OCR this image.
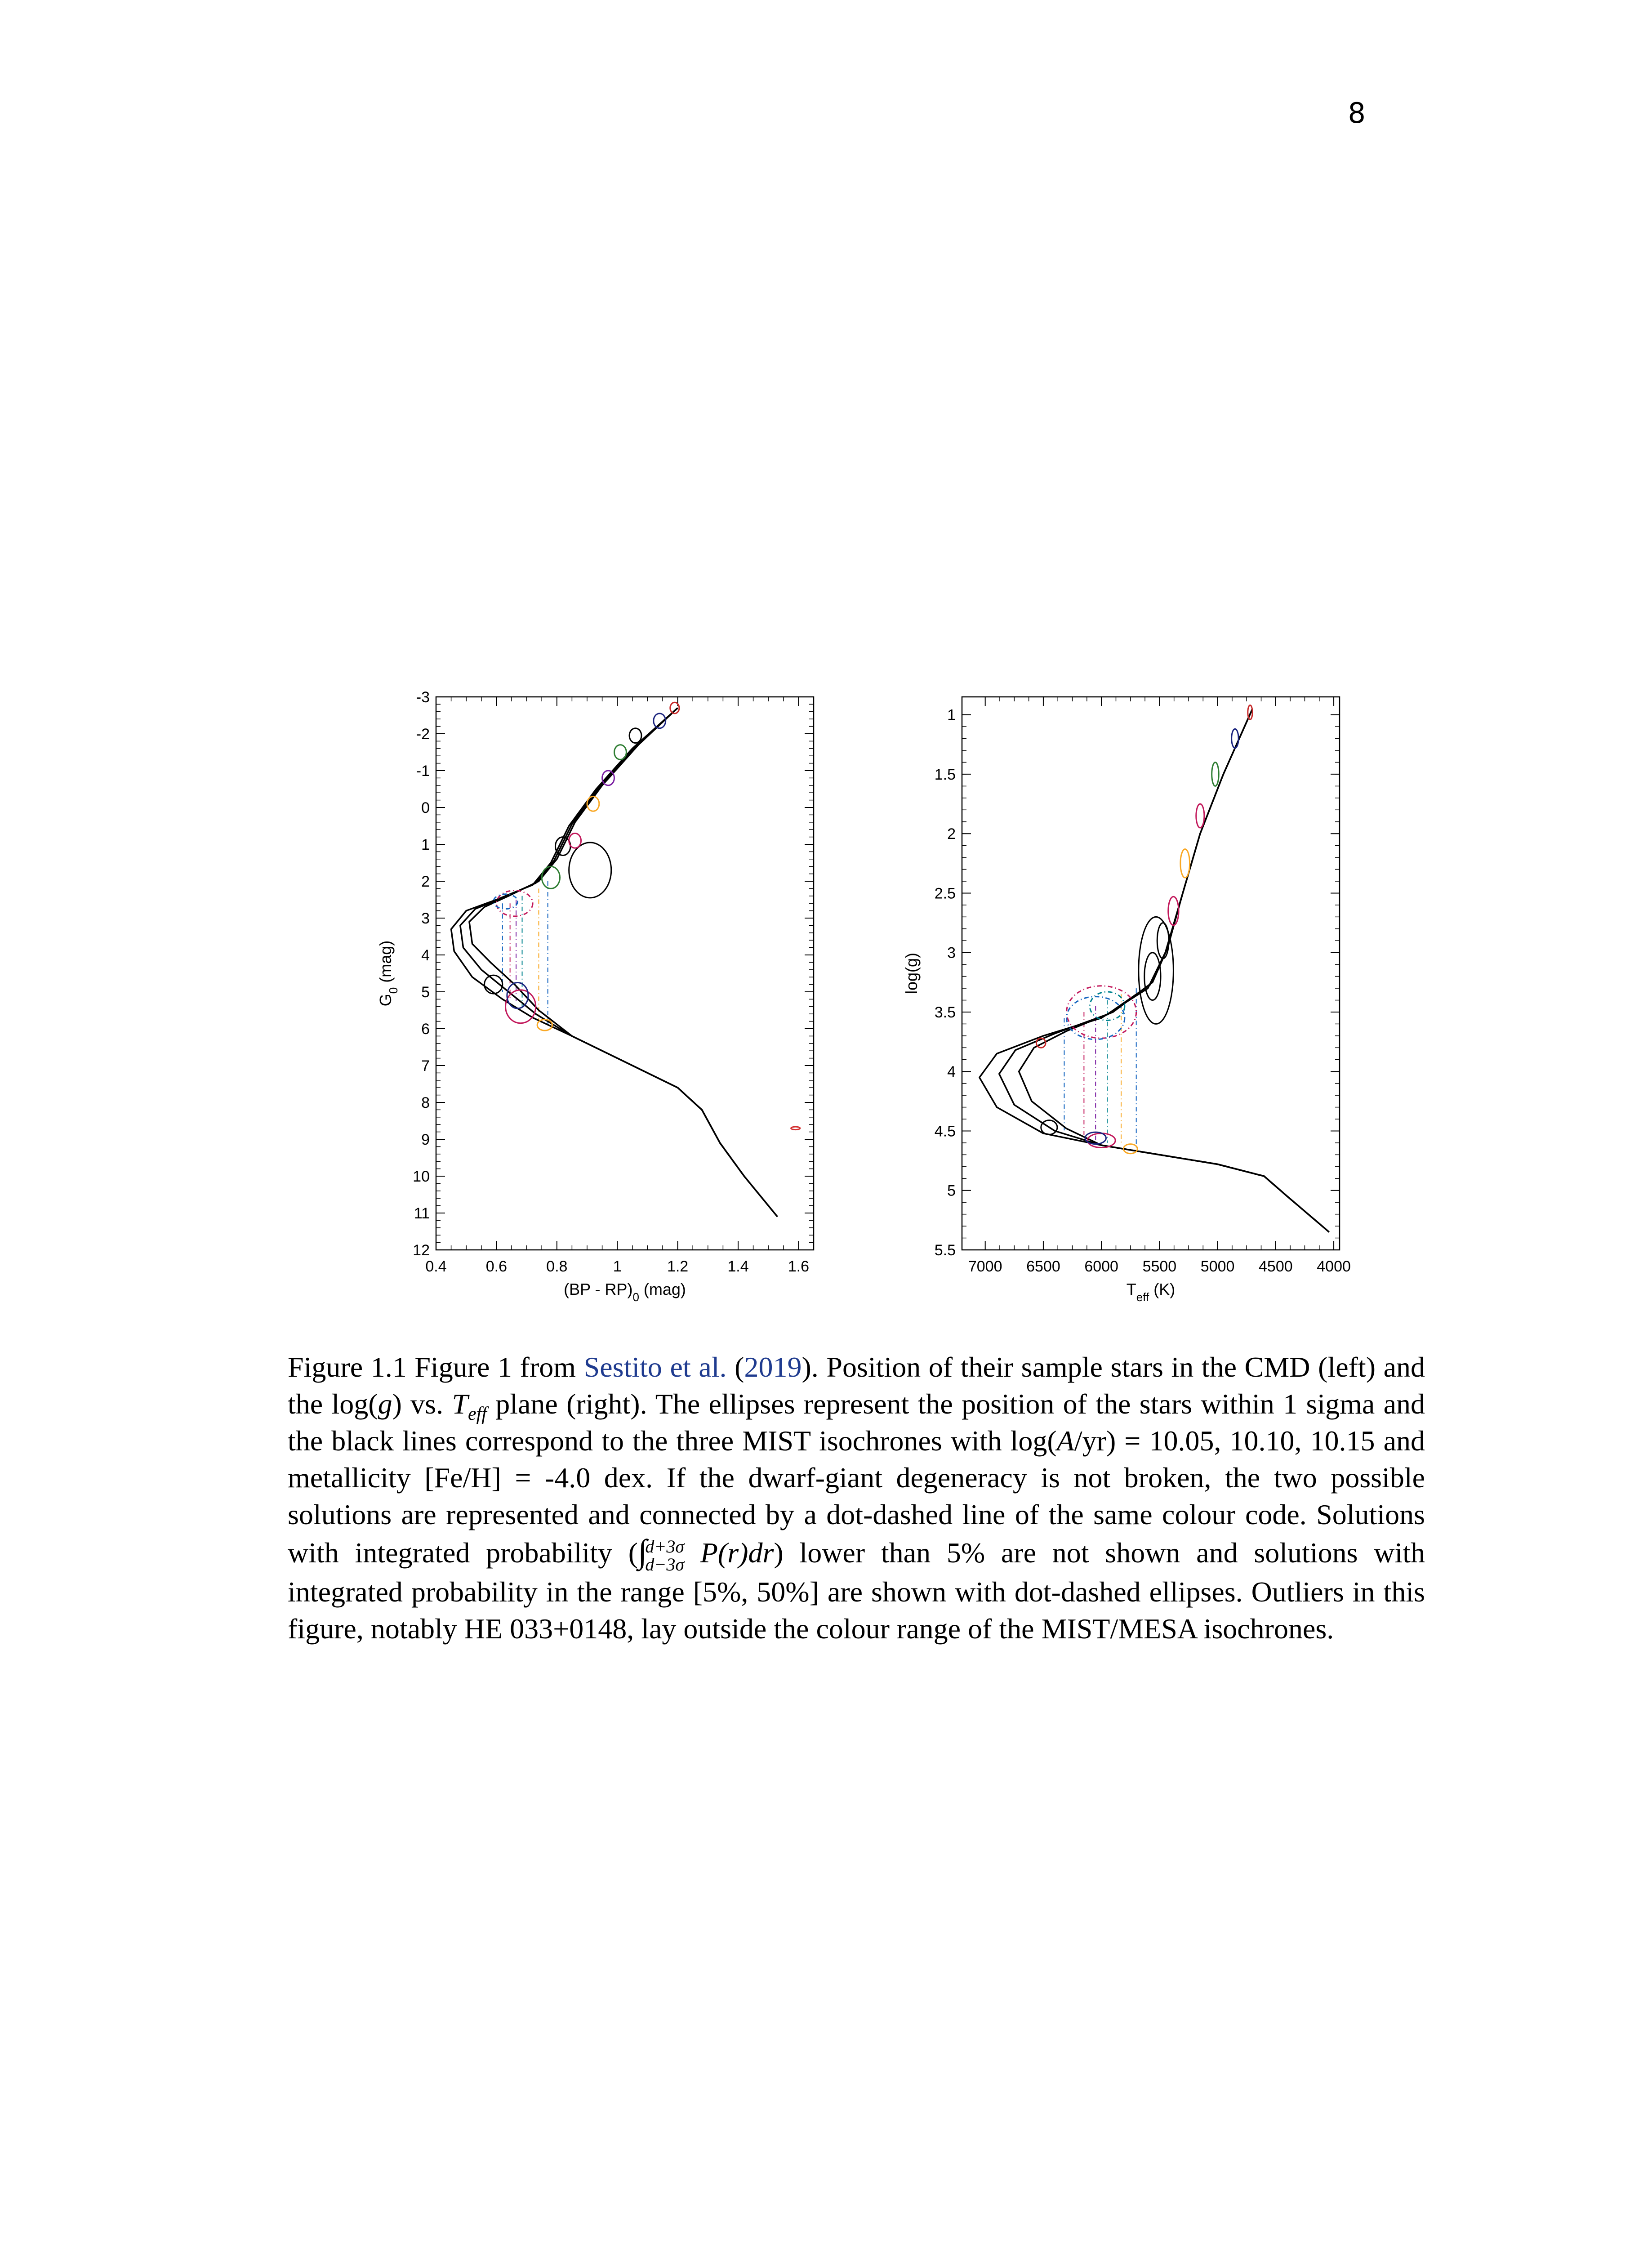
8
0.4	0.6	0.8	1	1.2	1.4	1.6
-3
-2
-1
0
1
2
3
4
5
6
7
8
9
10
11
12
$(BP - RP)_0$ (mag)
$G_0$ (mag)
7000 6500 6000 5500 5000 4500 4000
1
1.5
2
2.5
3
3.5
4
4.5
5
5.5
$T_{eff}$ (K)
log(g)
Figure 1.1 Figure 1 from Sestito et al. (2019). Position of their sample stars in the CMD (left) and the log(g) vs. $T_{eff}$ plane (right). The ellipses represent the position of the stars within 1 sigma and the black lines correspond to the three MIST isochrones with log(A/yr) = 10.05, 10.10, 10.15 and metallicity [Fe/H] = -4.0 dex. If the dwarf-giant degeneracy is not broken, the two possible solutions are represented and connected by a dot-dashed line of the same colour code. Solutions with integrated probability (∫
d+3σ
d−3σ P(r)dr) lower than 5% are not shown and solutions with integrated probability in the range [5%, 50%] are shown with dot-dashed ellipses. Outliers in this figure, notably HE 033+0148, lay outside the colour range of the MIST/MESA isochrones.
